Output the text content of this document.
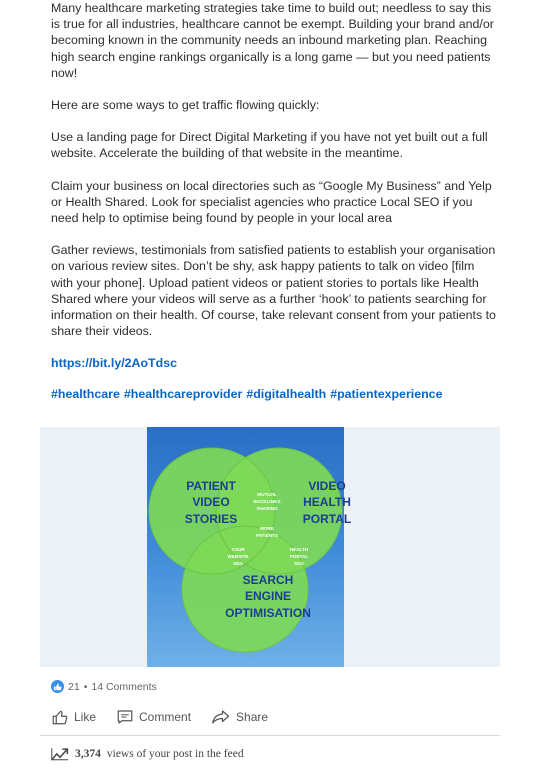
Many healthcare marketing strategies take time to build out; needless to say this is true for all industries, healthcare cannot be exempt. Building your brand and/or becoming known in the community needs an inbound marketing plan. Reaching high search engine rankings organically is a long game — but you need patients now!

Here are some ways to get traffic flowing quickly:

Use a landing page for Direct Digital Marketing if you have not yet built out a full website. Accelerate the building of that website in the meantime.

Claim your business on local directories such as “Google My Business” and Yelp or Health Shared. Look for specialist agencies who practice Local SEO if you need help to optimise being found by people in your local area

Gather reviews, testimonials from satisfied patients to establish your organisation on various review sites. Don’t be shy, ask happy patients to talk on video [film with your phone]. Upload patient videos or patient stories to portals like Health Shared where your videos will serve as a further ‘hook’ to patients searching for information on their health. Of course, take relevant consent from your patients to share their videos.

https://bit.ly/2AoTdsc

#healthcare #healthcareprovider #digitalhealth #patientexperience

PATIENT
VIDEO
STORIES
VIDEO
HEALTH
PORTAL
SEARCH
ENGINE
OPTIMISATION
MUTUAL
BACKLINKS
SHARING
YOUR
WEBSITE
SEO
HEALTH
PORTAL
SEO
MORE
PATIENTS
21 • 14 Comments
Like	Comment	Share
3,374 views of your post in the feed
